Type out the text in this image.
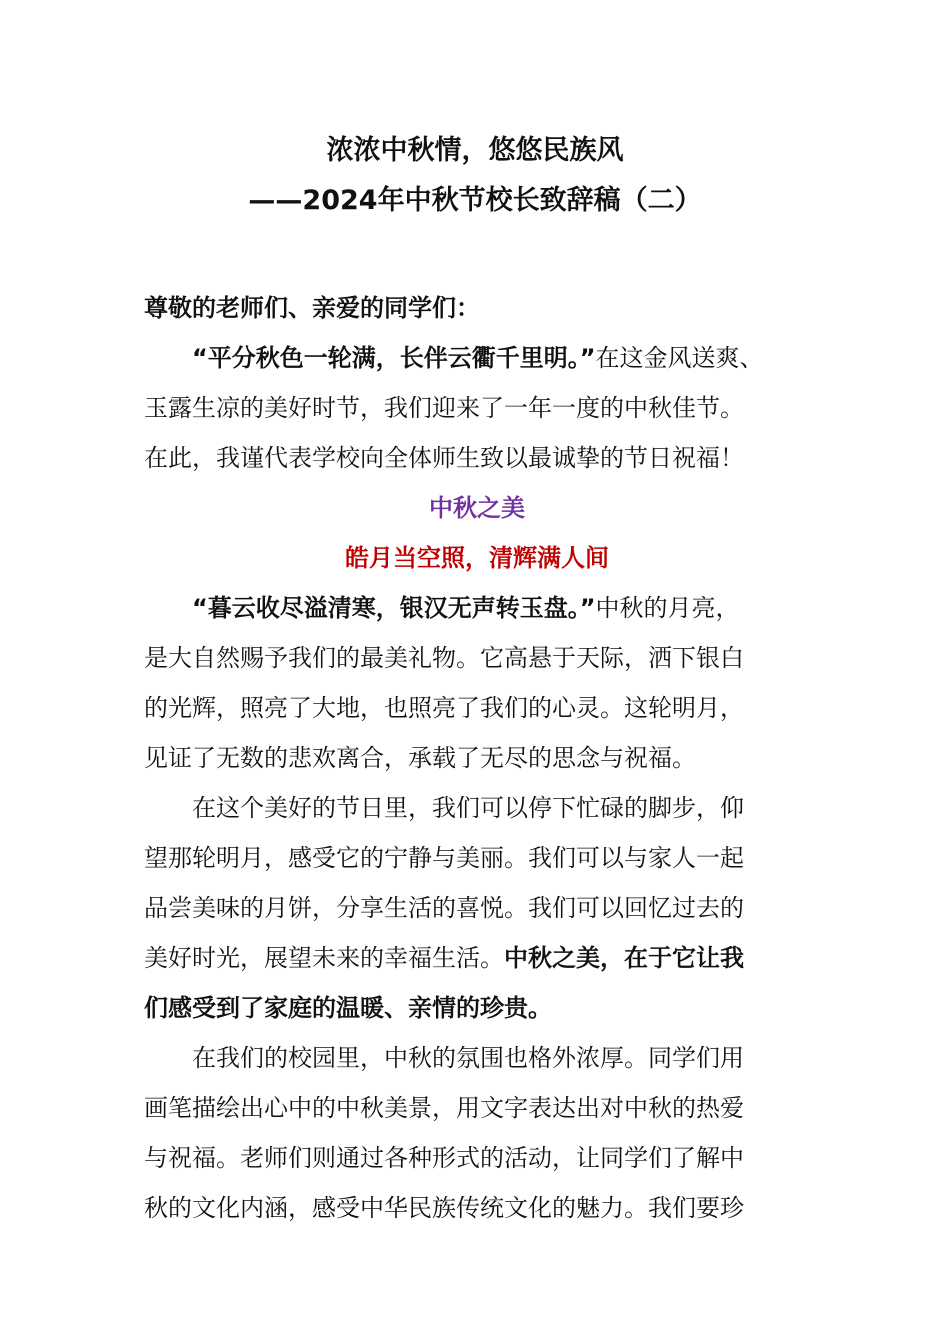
浓浓中秋情，悠悠民族风
——2024年中秋节校长致辞稿（二）
尊敬的老师们、亲爱的同学们：
“平分秋色一轮满，长伴云衢千里明。”在这金风送爽、
玉露生凉的美好时节，我们迎来了一年一度的中秋佳节。
在此，我谨代表学校向全体师生致以最诚挚的节日祝福！
中秋之美
皓月当空照，清辉满人间
“暮云收尽溢清寒，银汉无声转玉盘。”中秋的月亮，
是大自然赐予我们的最美礼物。它高悬于天际，洒下银白
的光辉，照亮了大地，也照亮了我们的心灵。这轮明月，
见证了无数的悲欢离合，承载了无尽的思念与祝福。
在这个美好的节日里，我们可以停下忙碌的脚步，仰
望那轮明月，感受它的宁静与美丽。我们可以与家人一起
品尝美味的月饼，分享生活的喜悦。我们可以回忆过去的
美好时光，展望未来的幸福生活。中秋之美，在于它让我
们感受到了家庭的温暖、亲情的珍贵。
在我们的校园里，中秋的氛围也格外浓厚。同学们用
画笔描绘出心中的中秋美景，用文字表达出对中秋的热爱
与祝福。老师们则通过各种形式的活动，让同学们了解中
秋的文化内涵，感受中华民族传统文化的魅力。我们要珍
